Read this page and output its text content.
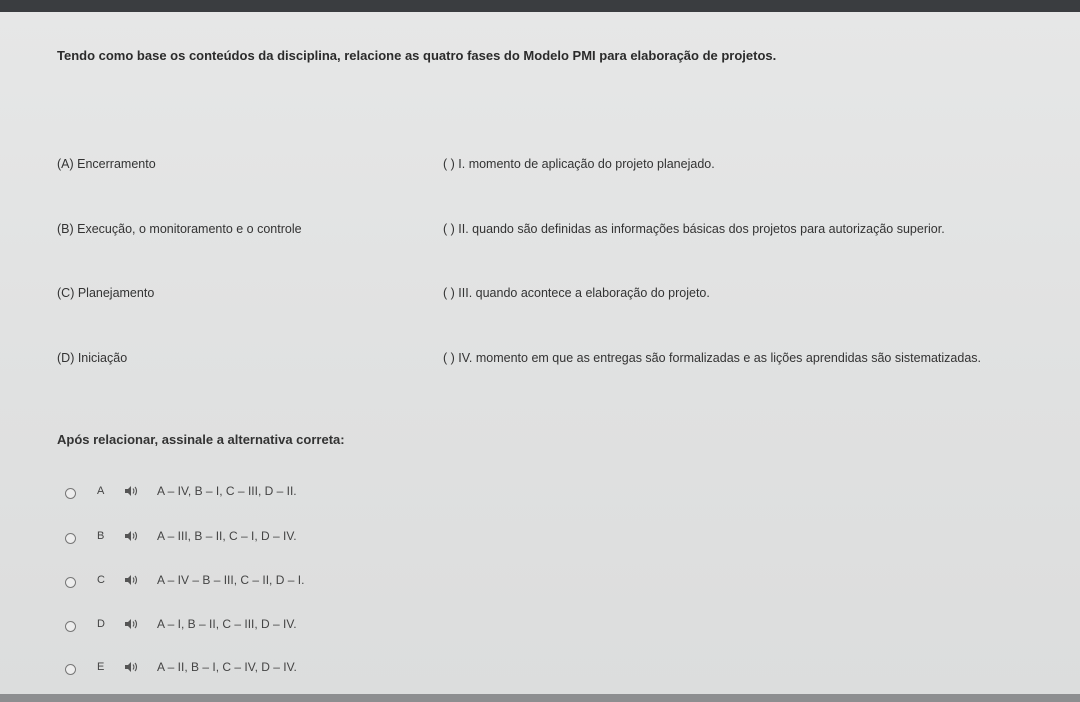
Tendo como base os conteúdos da disciplina, relacione as quatro fases do Modelo PMI para elaboração de projetos.
(A) Encerramento	( ) I. momento de aplicação do projeto planejado.
(B) Execução, o monitoramento e o controle	( ) II. quando são definidas as informações básicas dos projetos para autorização superior.
(C) Planejamento	( ) III. quando acontece a elaboração do projeto.
(D) Iniciação	( ) IV. momento em que as entregas são formalizadas e as lições aprendidas são sistematizadas.
Após relacionar, assinale a alternativa correta:
A	A – IV, B – I, C – III, D – II.
B	A – III, B – II, C – I, D – IV.
C	A – IV – B – III, C – II, D – I.
D	A – I, B – II, C – III, D – IV.
E	A – II, B – I, C – IV, D – IV.
